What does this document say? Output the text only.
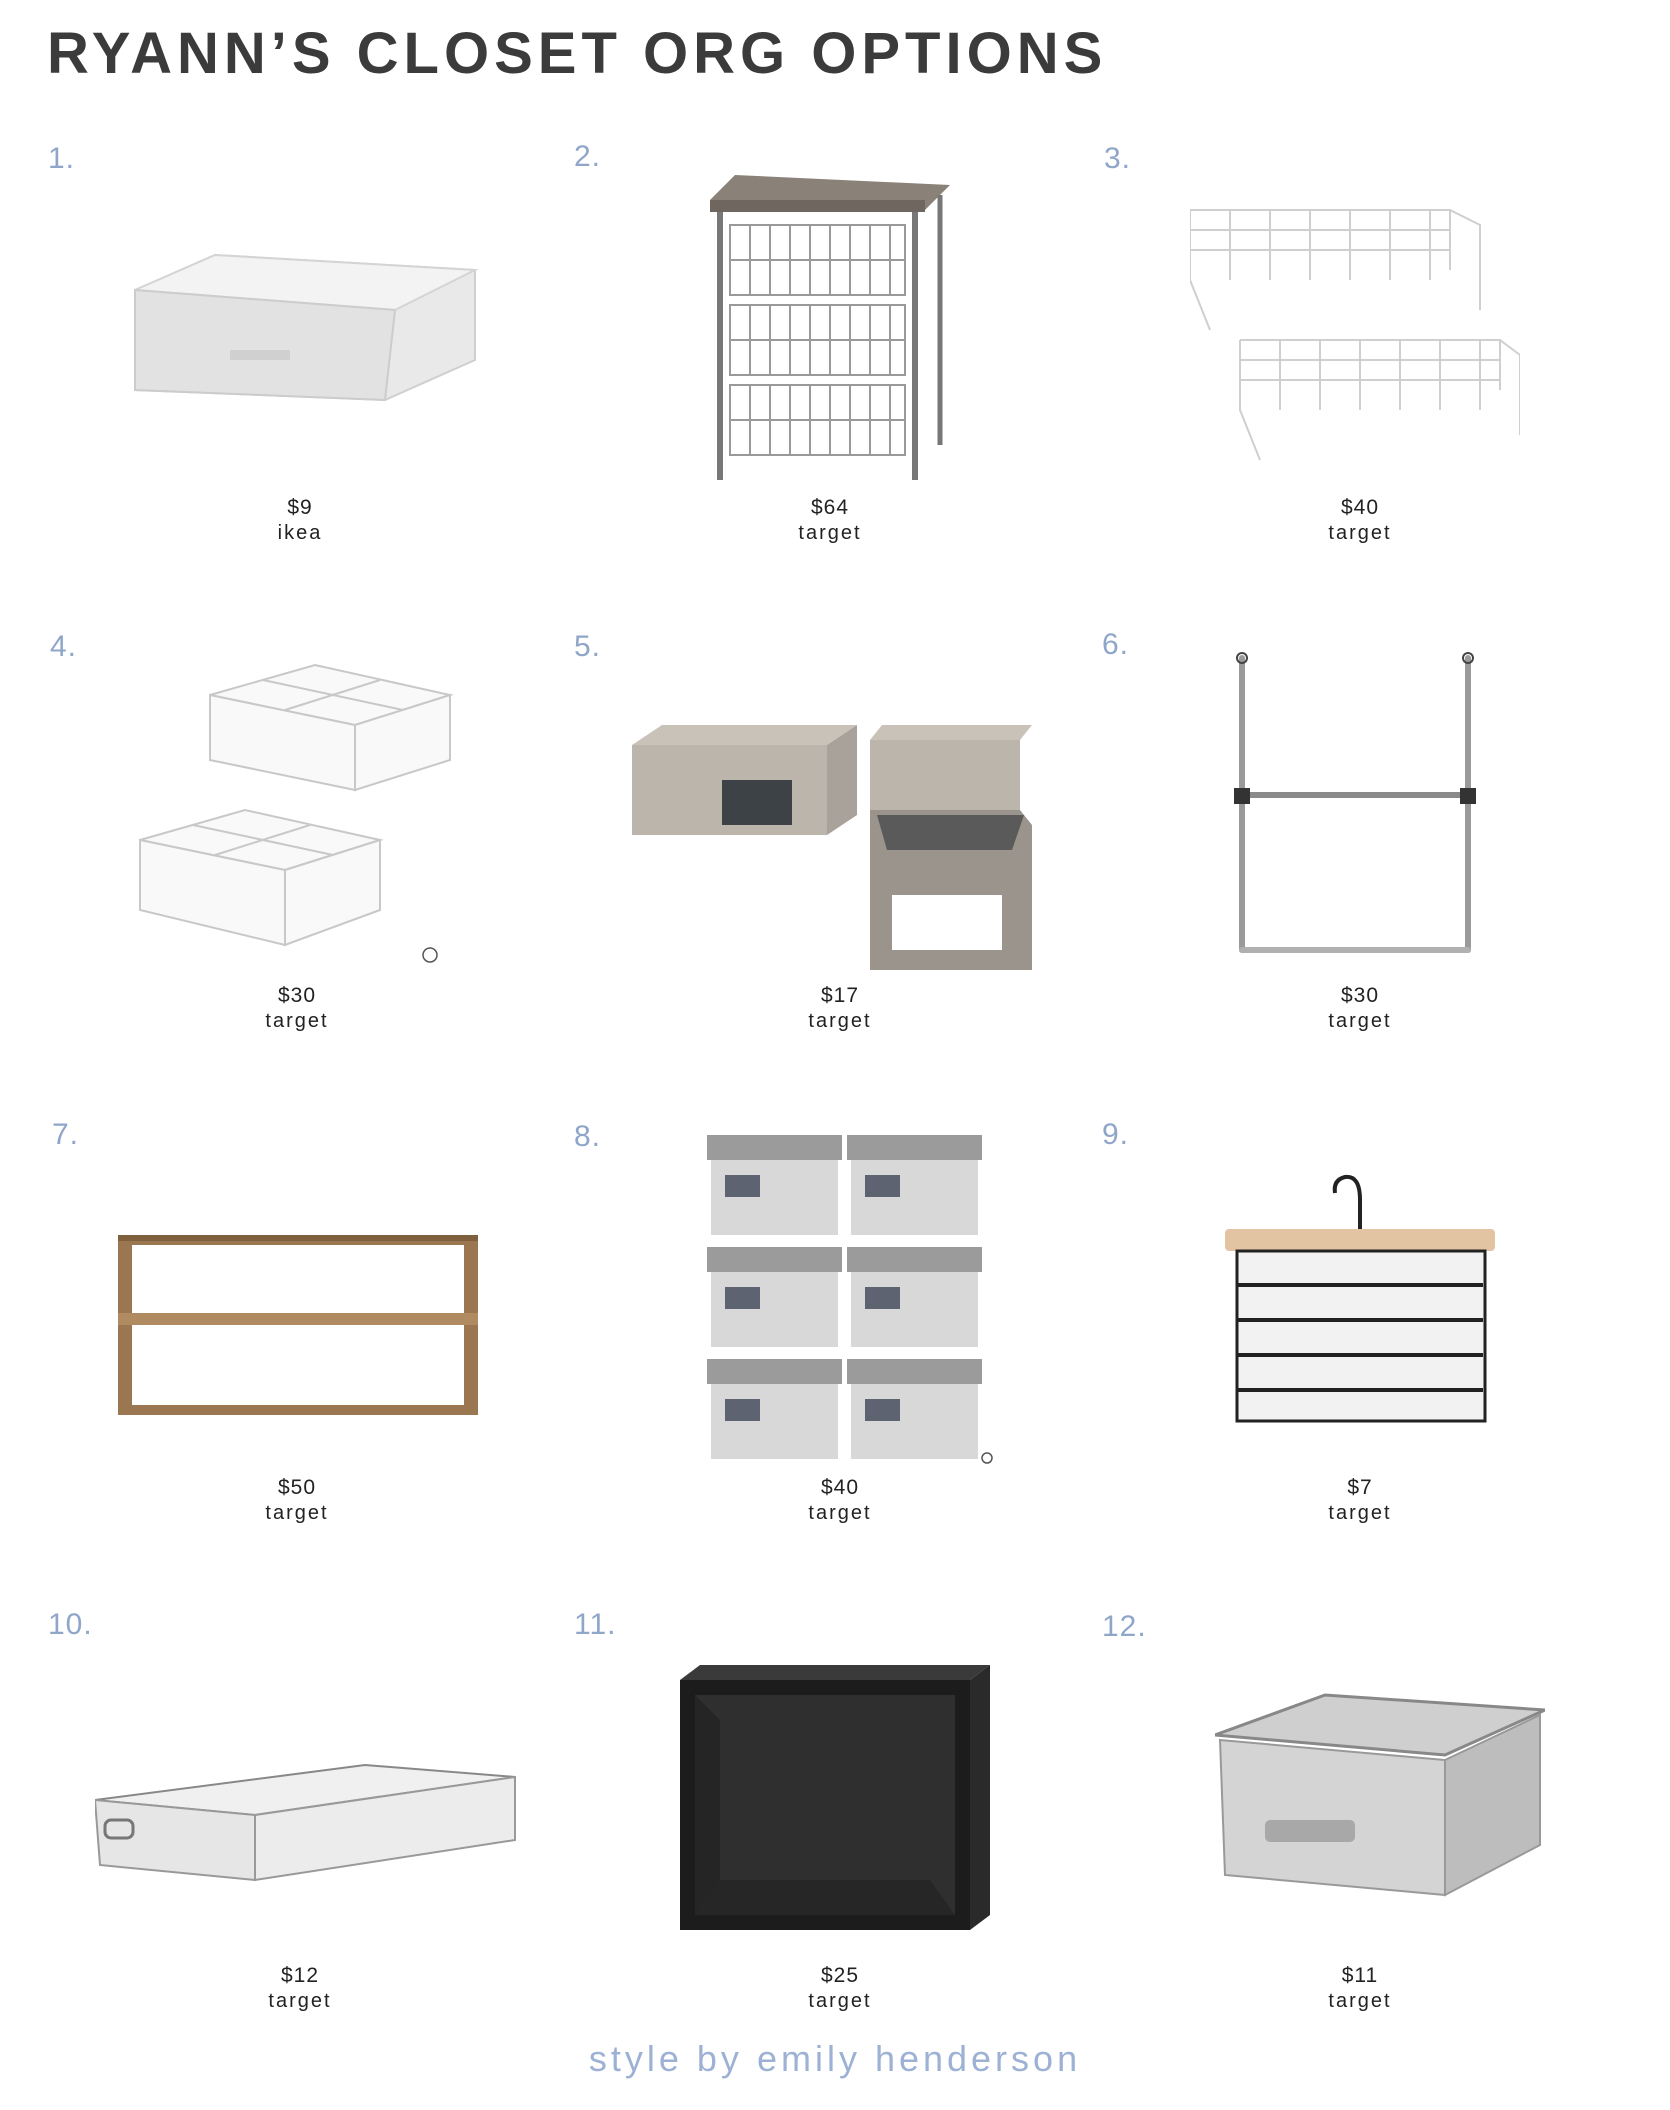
RYANN’S CLOSET ORG OPTIONS
1.
$9
ikea
2.
$64
target
3.
$40
target
4.
$30
target
5.
$17
target
6.
$30
target
7.
$50
target
8.
$40
target
9.
$7
target
10.
$12
target
11.
$25
target
12.
$11
target
style by emily henderson
